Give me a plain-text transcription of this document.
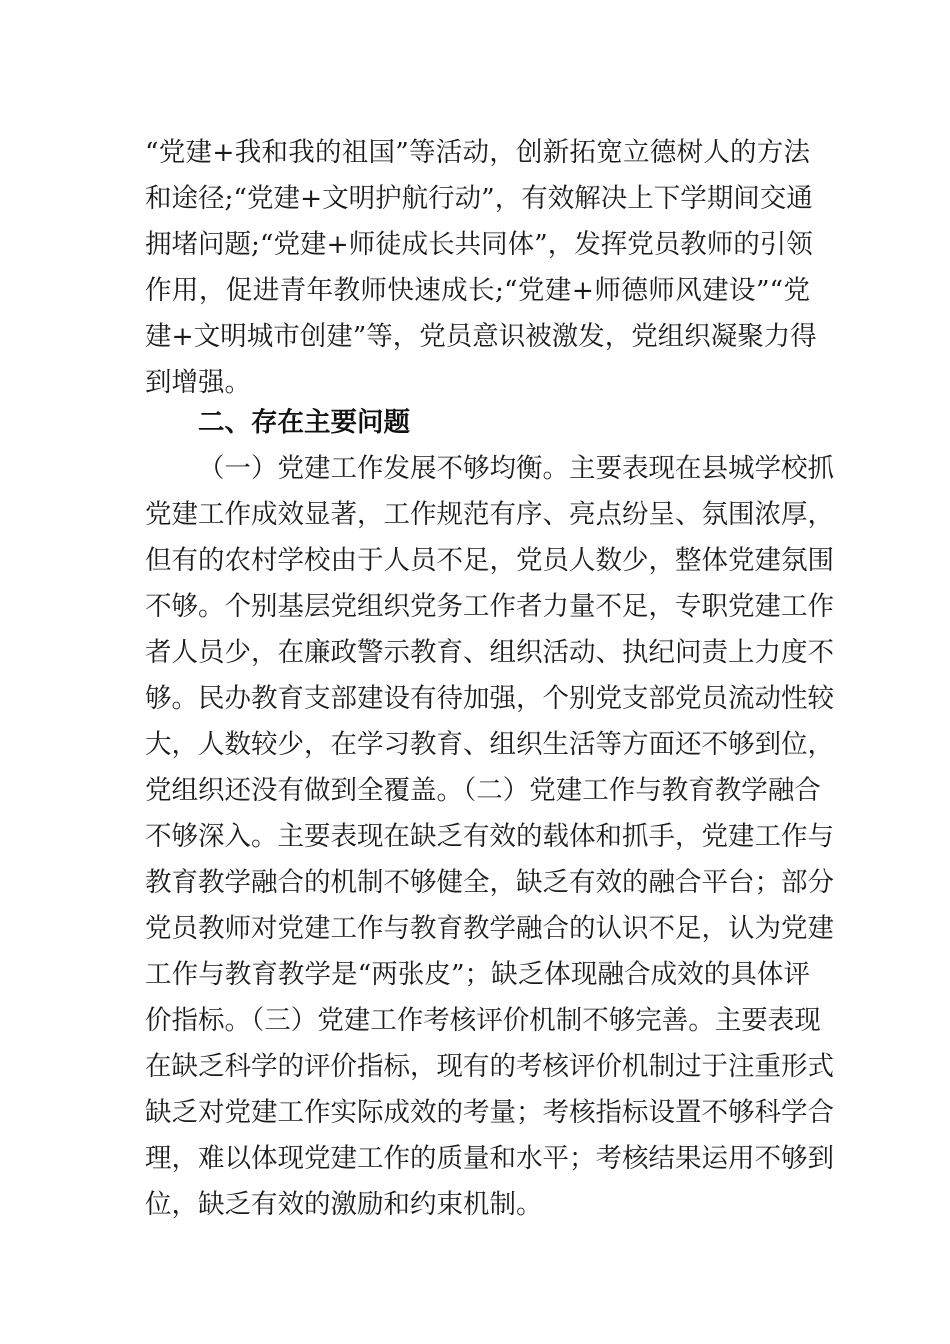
“党建+我和我的祖国”等活动，创新拓宽立德树人的方法
和途径;“党建+文明护航行动”，有效解决上下学期间交通
拥堵问题;“党建+师徒成长共同体”，发挥党员教师的引领
作用，促进青年教师快速成长;“党建+师德师风建设”“党
建+文明城市创建”等，党员意识被激发，党组织凝聚力得
到增强。
二、存在主要问题
（一）党建工作发展不够均衡。主要表现在县城学校抓
党建工作成效显著，工作规范有序、亮点纷呈、氛围浓厚，
但有的农村学校由于人员不足，党员人数少，整体党建氛围
不够。个别基层党组织党务工作者力量不足，专职党建工作
者人员少，在廉政警示教育、组织活动、执纪问责上力度不
够。民办教育支部建设有待加强，个别党支部党员流动性较
大，人数较少，在学习教育、组织生活等方面还不够到位，
党组织还没有做到全覆盖。（二）党建工作与教育教学融合
不够深入。主要表现在缺乏有效的载体和抓手，党建工作与
教育教学融合的机制不够健全，缺乏有效的融合平台；部分
党员教师对党建工作与教育教学融合的认识不足，认为党建
工作与教育教学是“两张皮”；缺乏体现融合成效的具体评
价指标。（三）党建工作考核评价机制不够完善。主要表现
在缺乏科学的评价指标，现有的考核评价机制过于注重形式
缺乏对党建工作实际成效的考量；考核指标设置不够科学合
理，难以体现党建工作的质量和水平；考核结果运用不够到
位，缺乏有效的激励和约束机制。
